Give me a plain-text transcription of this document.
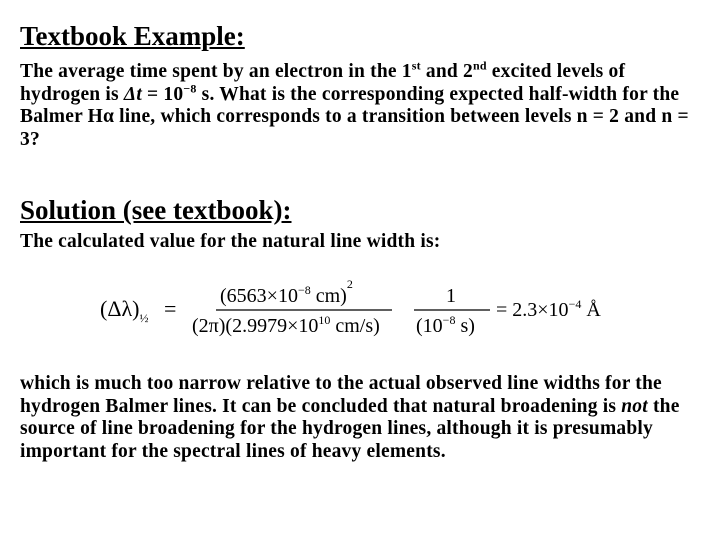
Textbook Example:

The average time spent by an electron in the 1st and 2nd excited levels of hydrogen is $\Delta t = 10^{-8}$ s. What is the corresponding expected half-width for the Balmer Hα line, which corresponds to a transition between levels n = 2 and n = 3?

Solution (see textbook):

The calculated value for the natural line width is:

$(\Delta\lambda)_{\frac{1}{2}} = (6563\times 10^{-8}$ cm)$^2$
$(2\pi)(2.9979\times 10^{10}$ cm/s)
1
($10^{-8}$ s)
= $2.3\times 10^{-4}$ Å

which is much too narrow relative to the actual observed line widths for the hydrogen Balmer lines. It can be concluded that natural broadening is not the source of line broadening for the hydrogen lines, although it is presumably important for the spectral lines of heavy elements.
